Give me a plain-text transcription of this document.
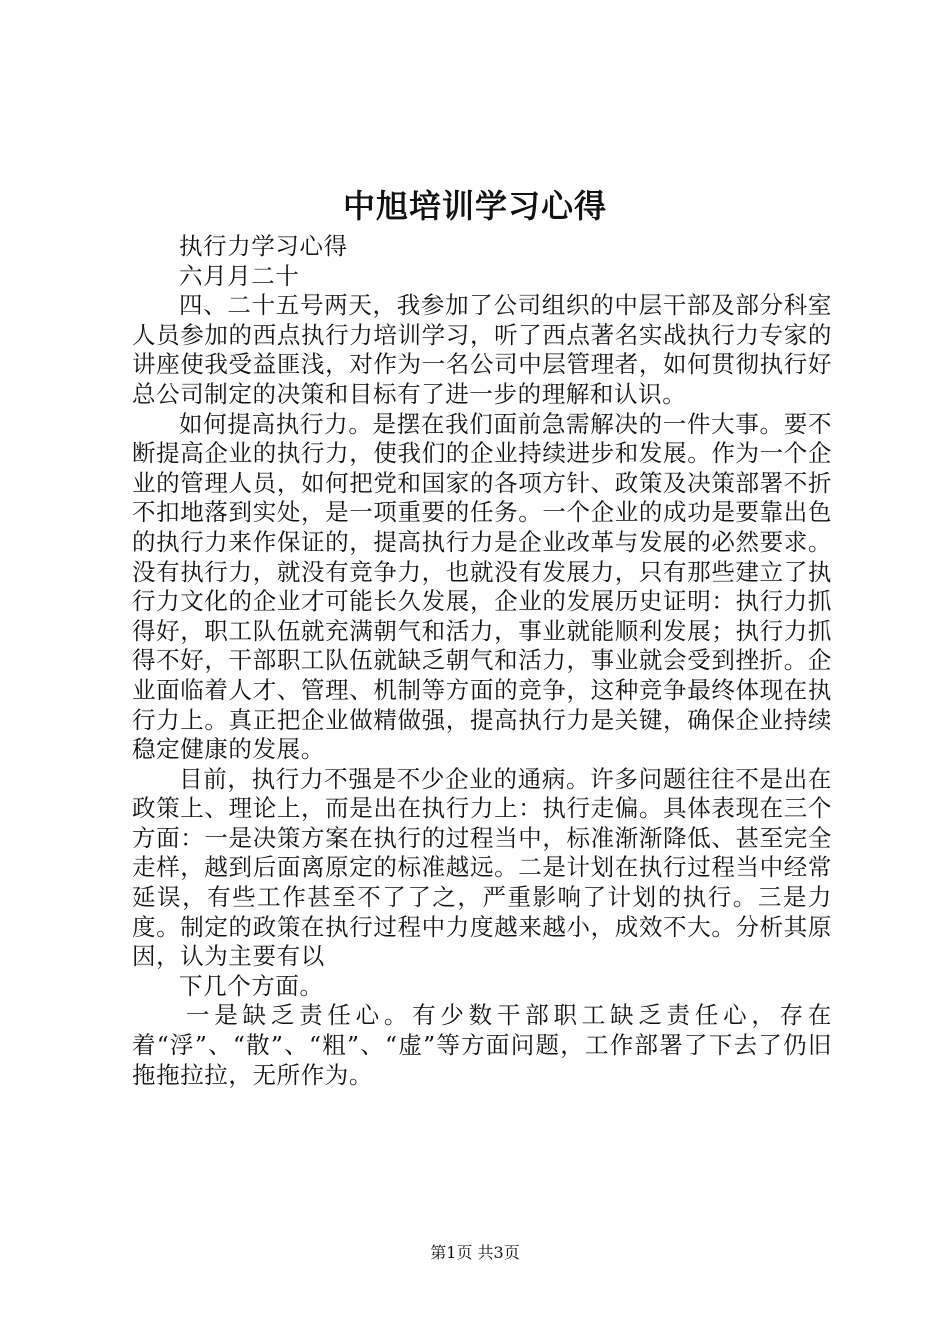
中旭培训学习心得

执行力学习心得

六月月二十

四、二十五号两天，我参加了公司组织的中层干部及部分科室人员参加的西点执行力培训学习，听了西点著名实战执行力专家的讲座使我受益匪浅，对作为一名公司中层管理者，如何贯彻执行好总公司制定的决策和目标有了进一步的理解和认识。

如何提高执行力。是摆在我们面前急需解决的一件大事。要不断提高企业的执行力，使我们的企业持续进步和发展。作为一个企业的管理人员，如何把党和国家的各项方针、政策及决策部署不折不扣地落到实处，是一项重要的任务。一个企业的成功是要靠出色的执行力来作保证的，提高执行力是企业改革与发展的必然要求。没有执行力，就没有竞争力，也就没有发展力，只有那些建立了执行力文化的企业才可能长久发展，企业的发展历史证明：执行力抓得好，职工队伍就充满朝气和活力，事业就能顺利发展；执行力抓得不好，干部职工队伍就缺乏朝气和活力，事业就会受到挫折。企业面临着人才、管理、机制等方面的竞争，这种竞争最终体现在执行力上。真正把企业做精做强，提高执行力是关键，确保企业持续稳定健康的发展。

目前，执行力不强是不少企业的通病。许多问题往往不是出在政策上、理论上，而是出在执行力上：执行走偏。具体表现在三个方面：一是决策方案在执行的过程当中，标准渐渐降低、甚至完全走样，越到后面离原定的标准越远。二是计划在执行过程当中经常延误，有些工作甚至不了了之，严重影响了计划的执行。三是力度。制定的政策在执行过程中力度越来越小，成效不大。分析其原因，认为主要有以

下几个方面。

一是缺乏责任心。有少数干部职工缺乏责任心，存在着“浮”、“散”、“粗”、“虚”等方面问题，工作部署了下去了仍旧拖拖拉拉，无所作为。

第1页 共3页
